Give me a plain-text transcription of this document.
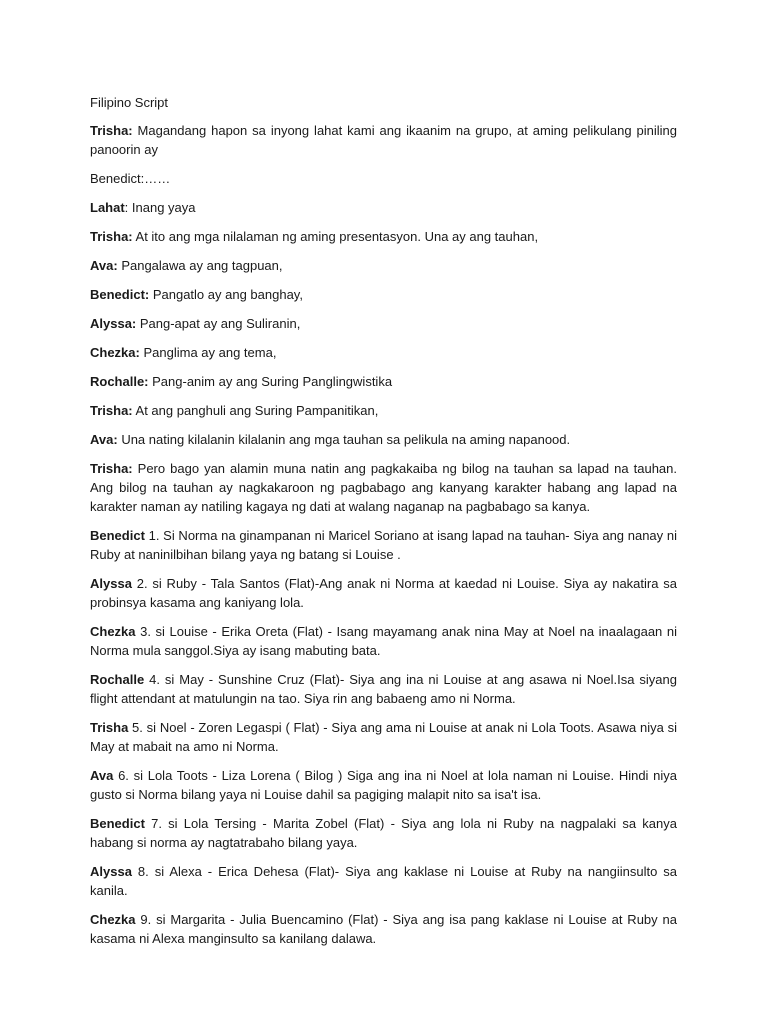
Filipino Script

Trisha: Magandang hapon sa inyong lahat kami ang ikaanim na grupo, at aming pelikulang piniling panoorin ay

Benedict:……

Lahat: Inang yaya

Trisha: At ito ang mga nilalaman ng aming presentasyon. Una ay ang tauhan,

Ava: Pangalawa ay ang tagpuan,

Benedict: Pangatlo ay ang banghay,

Alyssa: Pang-apat ay ang Suliranin,

Chezka: Panglima ay ang tema,

Rochalle: Pang-anim ay ang Suring Panglingwistika

Trisha: At ang panghuli ang Suring Pampanitikan,

Ava: Una nating kilalanin kilalanin ang mga tauhan sa pelikula na aming napanood.

Trisha: Pero bago yan alamin muna natin ang pagkakaiba ng bilog na tauhan sa lapad na tauhan. Ang bilog na tauhan ay nagkakaroon ng pagbabago ang kanyang karakter habang ang lapad na karakter naman ay natiling kagaya ng dati at walang naganap na pagbabago sa kanya.

Benedict 1. Si Norma na ginampanan ni Maricel Soriano at isang lapad na tauhan- Siya ang nanay ni Ruby at naninilbihan bilang yaya ng batang si Louise .

Alyssa 2. si Ruby - Tala Santos (Flat)-Ang anak ni Norma at kaedad ni Louise. Siya ay nakatira sa probinsya kasama ang kaniyang lola.

Chezka 3. si Louise - Erika Oreta (Flat) - Isang mayamang anak nina May at Noel na inaalagaan ni Norma mula sanggol.Siya ay isang mabuting bata.

Rochalle 4. si May - Sunshine Cruz (Flat)- Siya ang ina ni Louise at ang asawa ni Noel.Isa siyang flight attendant at matulungin na tao. Siya rin ang babaeng amo ni Norma.

Trisha 5. si Noel - Zoren Legaspi ( Flat) - Siya ang ama ni Louise at anak ni Lola Toots. Asawa niya si May at mabait na amo ni Norma.

Ava 6. si Lola Toots - Liza Lorena ( Bilog ) Siga ang ina ni Noel at lola naman ni Louise. Hindi niya gusto si Norma bilang yaya ni Louise dahil sa pagiging malapit nito sa isa't isa.

Benedict 7. si Lola Tersing - Marita Zobel (Flat) - Siya ang lola ni Ruby na nagpalaki sa kanya habang si norma ay nagtatrabaho bilang yaya.

Alyssa 8. si Alexa - Erica Dehesa (Flat)- Siya ang kaklase ni Louise at Ruby na nangiinsulto sa kanila.

Chezka 9. si Margarita - Julia Buencamino (Flat) - Siya ang isa pang kaklase ni Louise at Ruby na kasama ni Alexa manginsulto sa kanilang dalawa.
